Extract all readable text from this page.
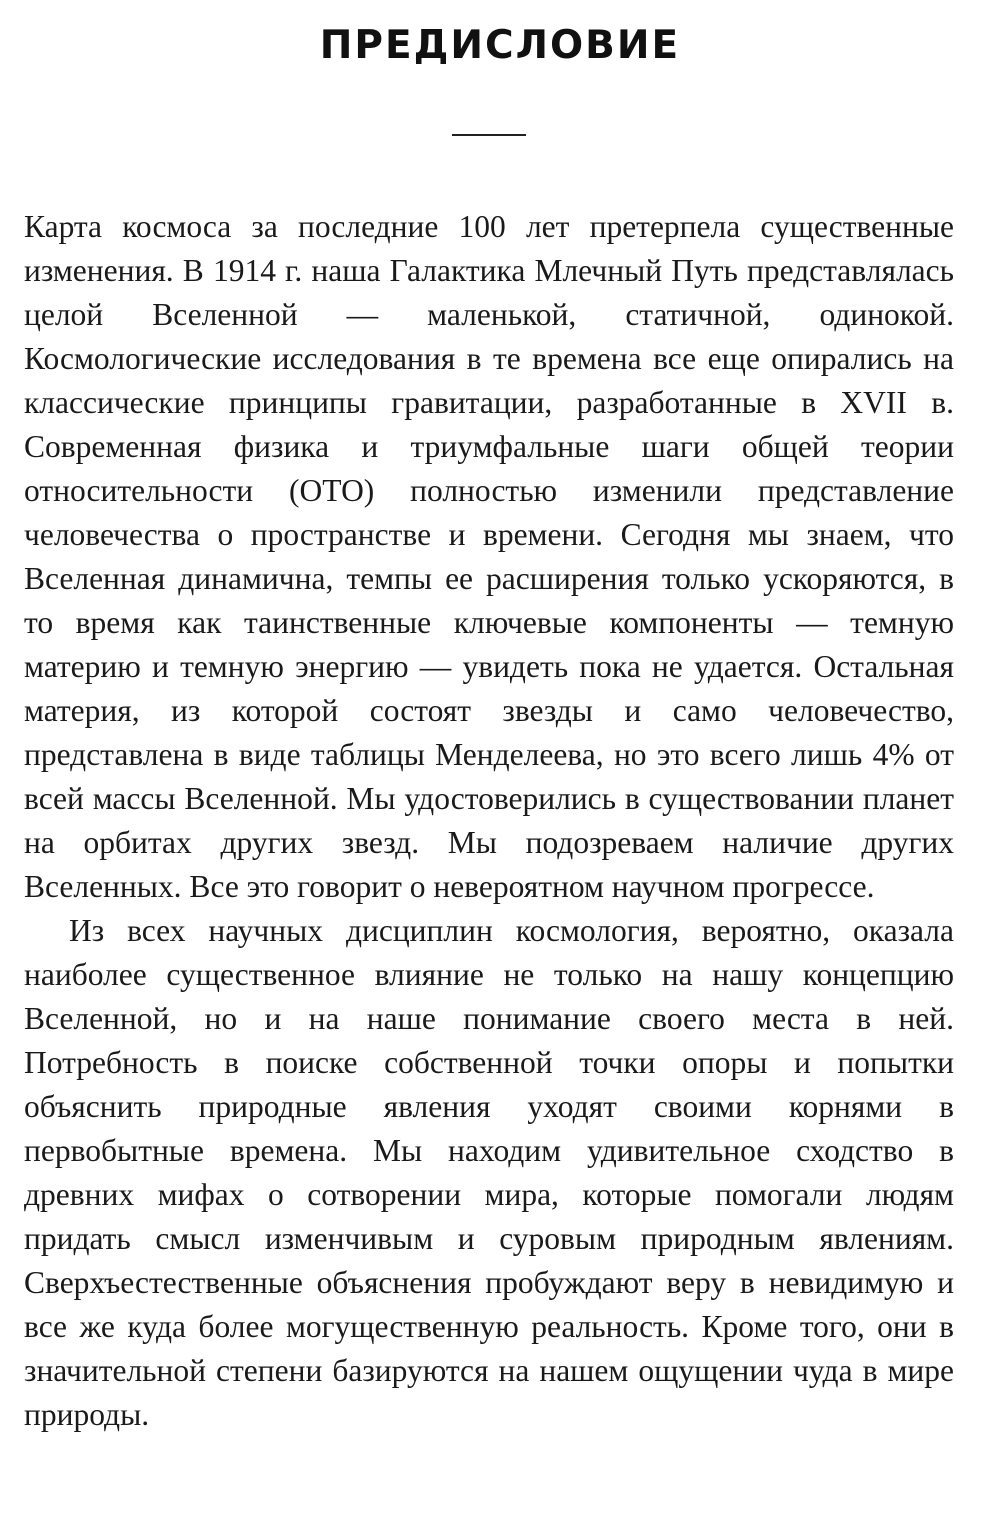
ПРЕДИСЛОВИЕ

Карта космоса за последние 100 лет претерпела существенные изменения. В 1914 г. наша Галактика Млечный Путь представлялась целой Вселенной — маленькой, статичной, одинокой. Космологические исследования в те времена все еще опирались на классические принципы гравитации, разработанные в XVII в. Современная физика и триумфальные шаги общей теории относительности (ОТО) полностью изменили представление человечества о пространстве и времени. Сегодня мы знаем, что Вселенная динамична, темпы ее расширения только ускоряются, в то время как таинственные ключевые компоненты — темную материю и темную энергию — увидеть пока не удается. Остальная материя, из которой состоят звезды и само человечество, представлена в виде таблицы Менделеева, но это всего лишь 4% от всей массы Вселенной. Мы удостоверились в существовании планет на орбитах других звезд. Мы подозреваем наличие других Вселенных. Все это говорит о невероятном научном прогрессе.

Из всех научных дисциплин космология, вероятно, оказала наиболее существенное влияние не только на нашу концепцию Вселенной, но и на наше понимание своего места в ней. Потребность в поиске собственной точки опоры и попытки объяснить природные явления уходят своими корнями в первобытные времена. Мы находим удивительное сходство в древних мифах о сотворении мира, которые помогали людям придать смысл изменчивым и суровым природным явлениям. Сверхъестественные объяснения пробуждают веру в невидимую и все же куда более могущественную реальность. Кроме того, они в значительной степени базируются на нашем ощущении чуда в мире природы.
